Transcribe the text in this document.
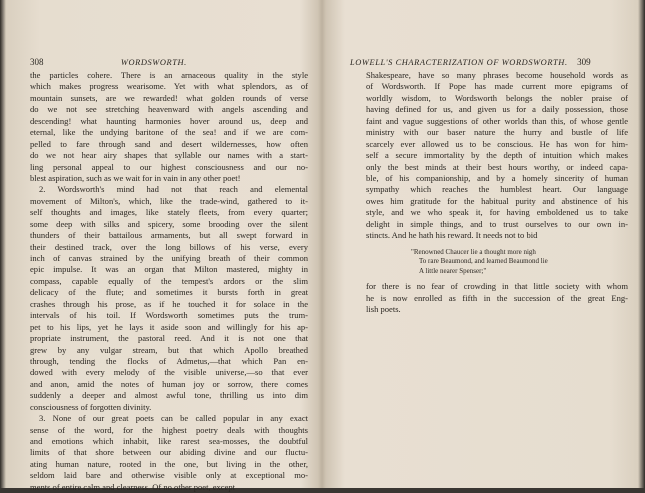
308	WORDSWORTH.
the particles cohere. There is an arnaceous quality in the style
which makes progress wearisome. Yet with what splendors, as of
mountain sunsets, are we rewarded! what golden rounds of verse
do we not see stretching heavenward with angels ascending and
descending! what haunting harmonies hover around us, deep and
eternal, like the undying baritone of the sea! and if we are com-
pelled to fare through sand and desert wildernesses, how often
do we not hear airy shapes that syllable our names with a start-
ling personal appeal to our highest consciousness and our no-
blest aspiration, such as we wait for in vain in any other poet!
2. Wordsworth's mind had not that reach and elemental
movement of Milton's, which, like the trade-wind, gathered to it-
self thoughts and images, like stately fleets, from every quarter;
some deep with silks and spicery, some brooding over the silent
thunders of their battailous armaments, but all swept forward in
their destined track, over the long billows of his verse, every
inch of canvas strained by the unifying breath of their common
epic impulse. It was an organ that Milton mastered, mighty in
compass, capable equally of the tempest's ardors or the slim
delicacy of the flute; and sometimes it bursts forth in great
crashes through his prose, as if he touched it for solace in the
intervals of his toil. If Wordsworth sometimes puts the trum-
pet to his lips, yet he lays it aside soon and willingly for his ap-
propriate instrument, the pastoral reed. And it is not one that
grew by any vulgar stream, but that which Apollo breathed
through, tending the flocks of Admetus,—that which Pan en-
dowed with every melody of the visible universe,—so that ever
and anon, amid the notes of human joy or sorrow, there comes
suddenly a deeper and almost awful tone, thrilling us into dim
consciousness of forgotten divinity.
3. None of our great poets can be called popular in any exact
sense of the word, for the highest poetry deals with thoughts
and emotions which inhabit, like rarest sea-mosses, the doubtful
limits of that shore between our abiding divine and our fluctu-
ating human nature, rooted in the one, but living in the other,
seldom laid bare and otherwise visible only at exceptional mo-
ments of entire calm and clearness. Of no other poet, except
LOWELL'S CHARACTERIZATION OF WORDSWORTH. 309
Shakespeare, have so many phrases become household words as
of Wordsworth. If Pope has made current more epigrams of
worldly wisdom, to Wordsworth belongs the nobler praise of
having defined for us, and given us for a daily possession, those
faint and vague suggestions of other worlds than this, of whose gentle
ministry with our baser nature the hurry and bustle of life
scarcely ever allowed us to be conscious. He has won for him-
self a secure immortality by the depth of intuition which makes
only the best minds at their best hours worthy, or indeed capa-
ble, of his companionship, and by a homely sincerity of human
sympathy which reaches the humblest heart. Our language
owes him gratitude for the habitual purity and abstinence of his
style, and we who speak it, for having emboldened us to take
delight in simple things, and to trust ourselves to our own in-
stincts. And he hath his reward. It needs not to bid
"Renowned Chaucer lie a thought more nigh
To rare Beaumond, and learned Beaumond lie
A little nearer Spenser;"
for there is no fear of crowding in that little society with whom
he is now enrolled as fifth in the succession of the great Eng-
lish poets.
